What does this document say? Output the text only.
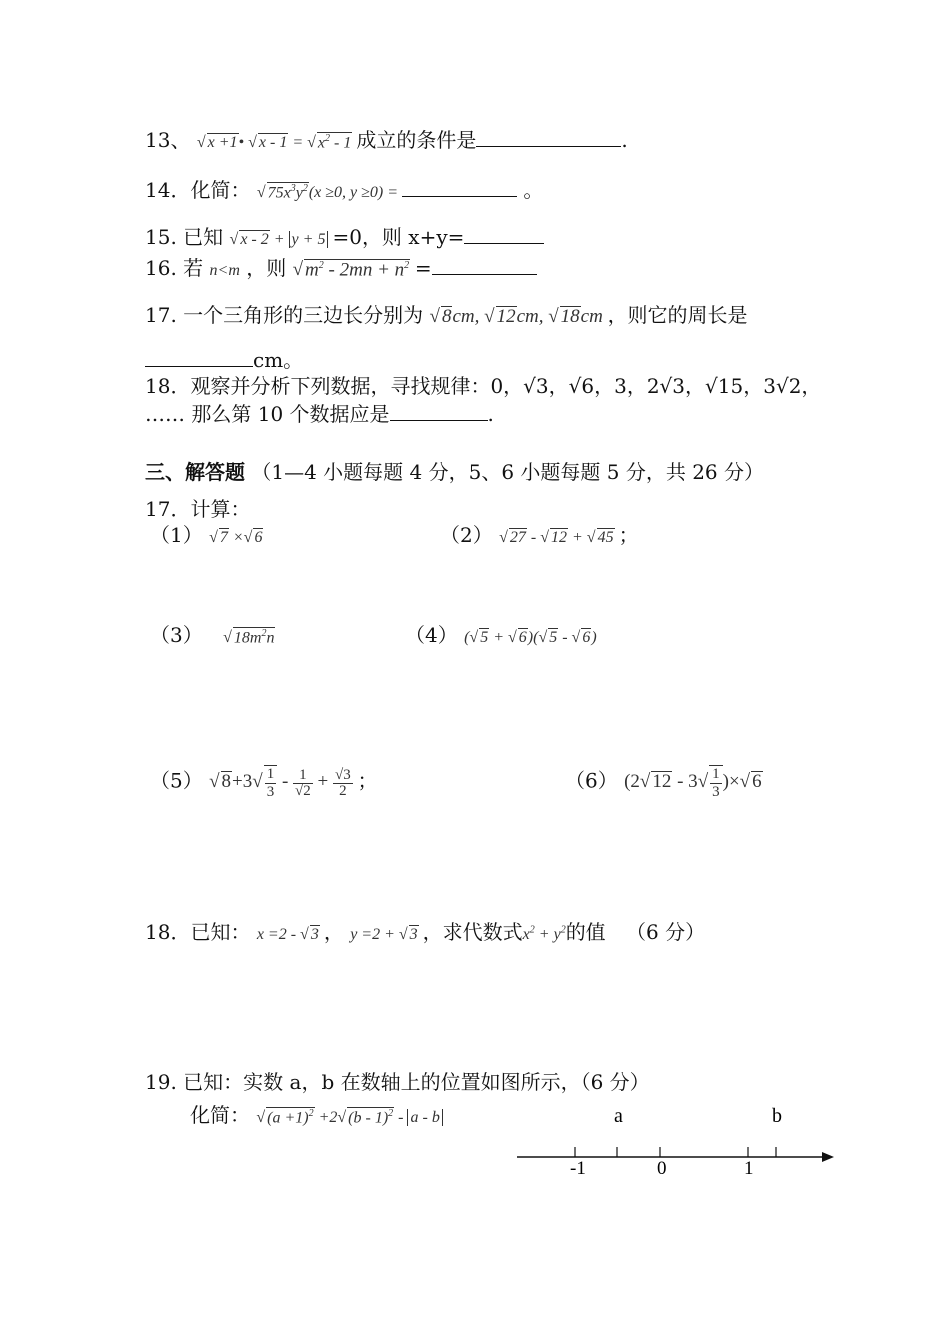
13、 √ x +1• √ x - 1 = √ $x^2 - 1$ 成立的条件是	.
14．化简： √ $75x^3y^2(x \ge 0$, y ≥0) =	。
15. 已知 √ x - 2 + y + 5 =0，则 x+y=
16. 若 n<m ，则 √ $m^2 - 2mn + n^2$ =
17. 一个三角形的三边长分别为 √ 8cm, √ 12cm, √ 18cm ，则它的周长是
cm。
18．观察并分析下列数据，寻找规律：0，√3，√6，3，2√3，√15，3√2，
…… 那么第 10 个数据应是	.
三、解答题 （1—4 小题每题 4 分，5、6 小题每题 5 分，共 26 分）
17．计算：
（1） √ 7 ×√ 6	（2） √ 27 - √ 12 + √ 45 ；
（3） √ $18m^2n$	（4） (√ 5 + √ 6)(√ 5 - √ 6)
（5） √ $8+3√ \frac{1}{3} - \frac{1}{√2} + \frac{√3}{2}$ ；	（6） (2√ $12 - 3√ \frac{1}{3}$ )×√ 6
18．已知： x =2 - √ 3 ， y =2 + √ 3 ，求代数式$x^2 + y^2$的值 （6 分）
19. 已知：实数 a，b 在数轴上的位置如图所示，（6 分）
化简： √ $(a +1)^2 +2√$ (b - 1)$^2$ - a - b	a	b
-1	0	1
